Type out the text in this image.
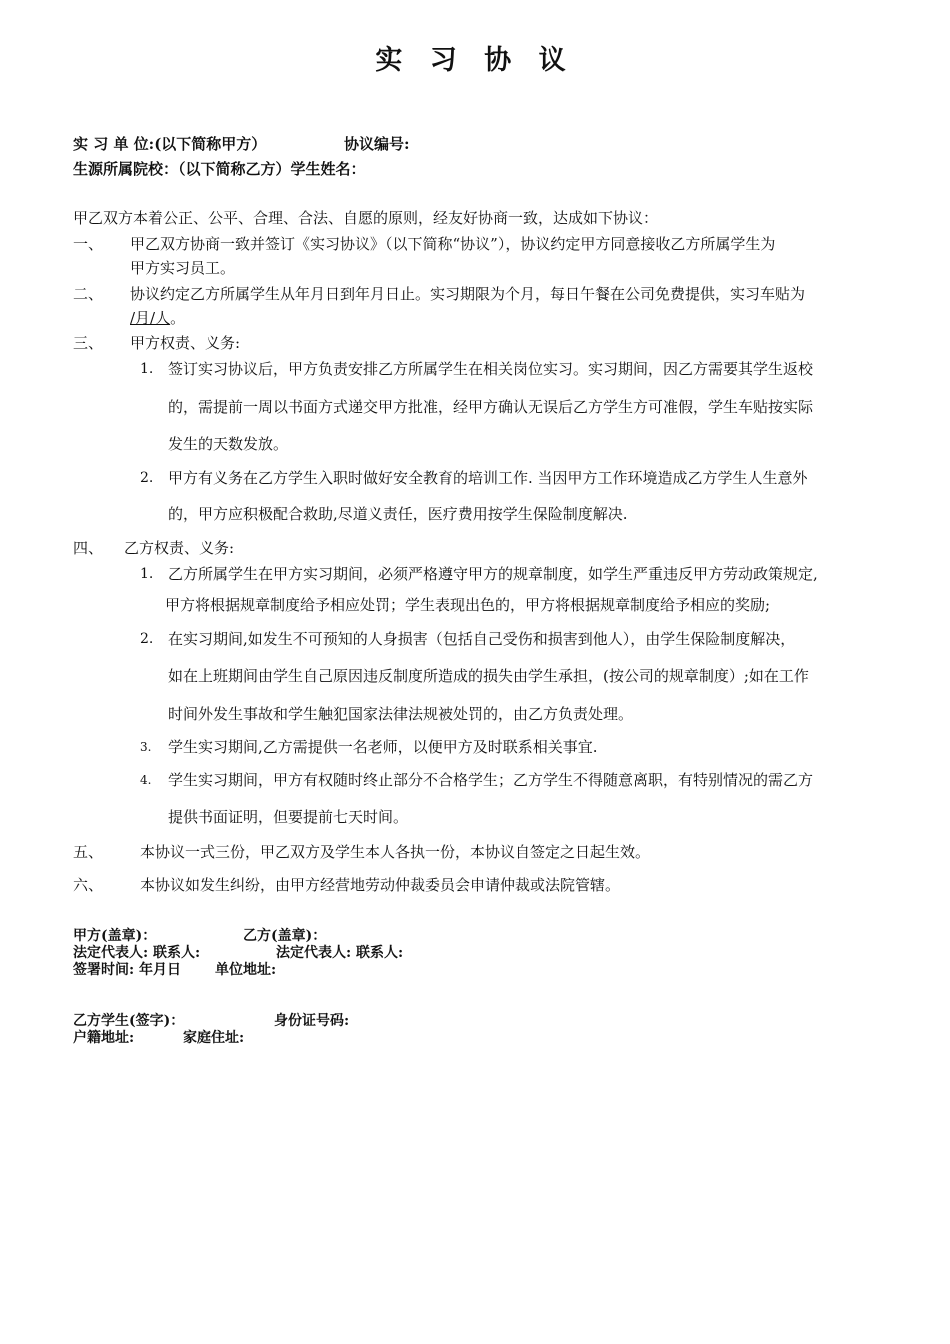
实 习 协 议
实 习 单 位:(以下简称甲方）	协议编号:
生源所属院校：（以下简称乙方）学生姓名：
甲乙双方本着公正、公平、合理、合法、自愿的原则，经友好协商一致，达成如下协议：
一、 甲乙双方协商一致并签订《实习协议》（以下简称“协议”），协议约定甲方同意接收乙方所属学生为
甲方实习员工。
二、 协议约定乙方所属学生从年月日到年月日止。实习期限为个月，每日午餐在公司免费提供，实习车贴为
/月/人。
三、 甲方权责、义务:
1. 签订实习协议后，甲方负责安排乙方所属学生在相关岗位实习。实习期间，因乙方需要其学生返校
的，需提前一周以书面方式递交甲方批准，经甲方确认无误后乙方学生方可准假，学生车贴按实际
发生的天数发放。
2. 甲方有义务在乙方学生入职时做好安全教育的培训工作. 当因甲方工作环境造成乙方学生人生意外
的，甲方应积极配合救助,尽道义责任，医疗费用按学生保险制度解决.
四、 乙方权责、义务:
1. 乙方所属学生在甲方实习期间，必须严格遵守甲方的规章制度，如学生严重违反甲方劳动政策规定,
甲方将根据规章制度给予相应处罚；学生表现出色的，甲方将根据规章制度给予相应的奖励;
2. 在实习期间,如发生不可预知的人身损害（包括自己受伤和损害到他人），由学生保险制度解决，
如在上班期间由学生自己原因违反制度所造成的损失由学生承担，(按公司的规章制度）;如在工作
时间外发生事故和学生触犯国家法律法规被处罚的，由乙方负责处理。
3. 学生实习期间,乙方需提供一名老师，以便甲方及时联系相关事宜.
4. 学生实习期间，甲方有权随时终止部分不合格学生；乙方学生不得随意离职，有特别情况的需乙方
提供书面证明，但要提前七天时间。
五、 本协议一式三份，甲乙双方及学生本人各执一份，本协议自签定之日起生效。
六、 本协议如发生纠纷，由甲方经营地劳动仲裁委员会申请仲裁或法院管辖。
甲方(盖章)：	乙方(盖章)：
法定代表人: 联系人:	法定代表人: 联系人:
签署时间: 年月日 单位地址:
乙方学生(签字)：	身份证号码:
户籍地址:	家庭住址:
